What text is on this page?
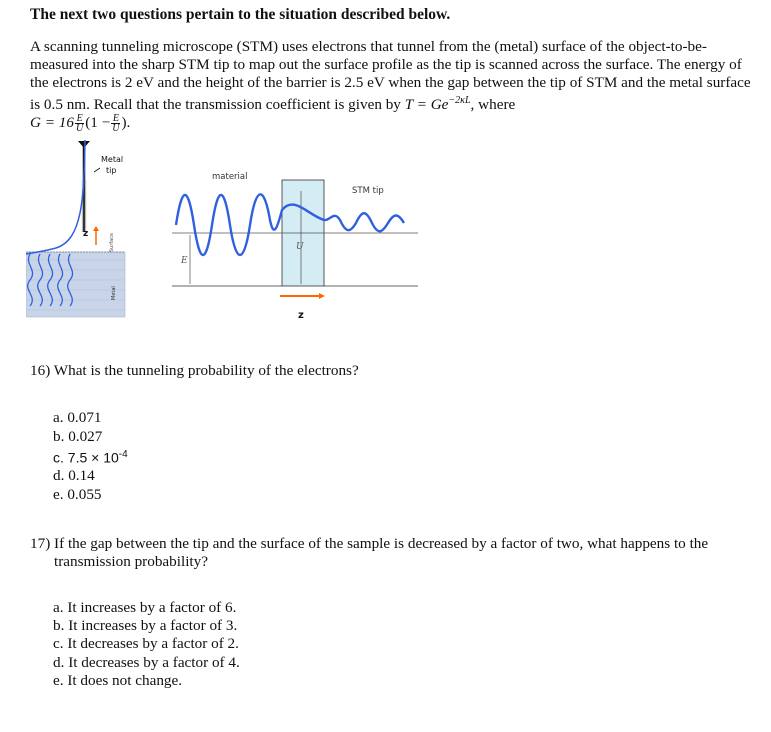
The next two questions pertain to the situation described below.
A scanning tunneling microscope (STM) uses electrons that tunnel from the (metal) surface of the object-to-be-measured into the sharp STM tip to map out the surface profile as the tip is scanned across the surface. The energy of the electrons is 2 eV and the height of the barrier is 2.5 eV when the gap between the tip of STM and the metal surface is 0.5 nm. Recall that the transmission coefficient is given by $T = Ge^{-2\kappa L}$, where
$G = 16 \frac{E}{U} (1 - \frac{E}{U}$ ).
Metal
tip
z	Surface
Metal
material
STM tip
U
E
z
16) What is the tunneling probability of the electrons?
a. 0.071
b. 0.027
c. $7.5 \times 10^{-4}$
d. 0.14
e. 0.055
17) If the gap between the tip and the surface of the sample is decreased by a factor of two, what happens to the transmission probability?
a. It increases by a factor of 6.
b. It increases by a factor of 3.
c. It decreases by a factor of 2.
d. It decreases by a factor of 4.
e. It does not change.
